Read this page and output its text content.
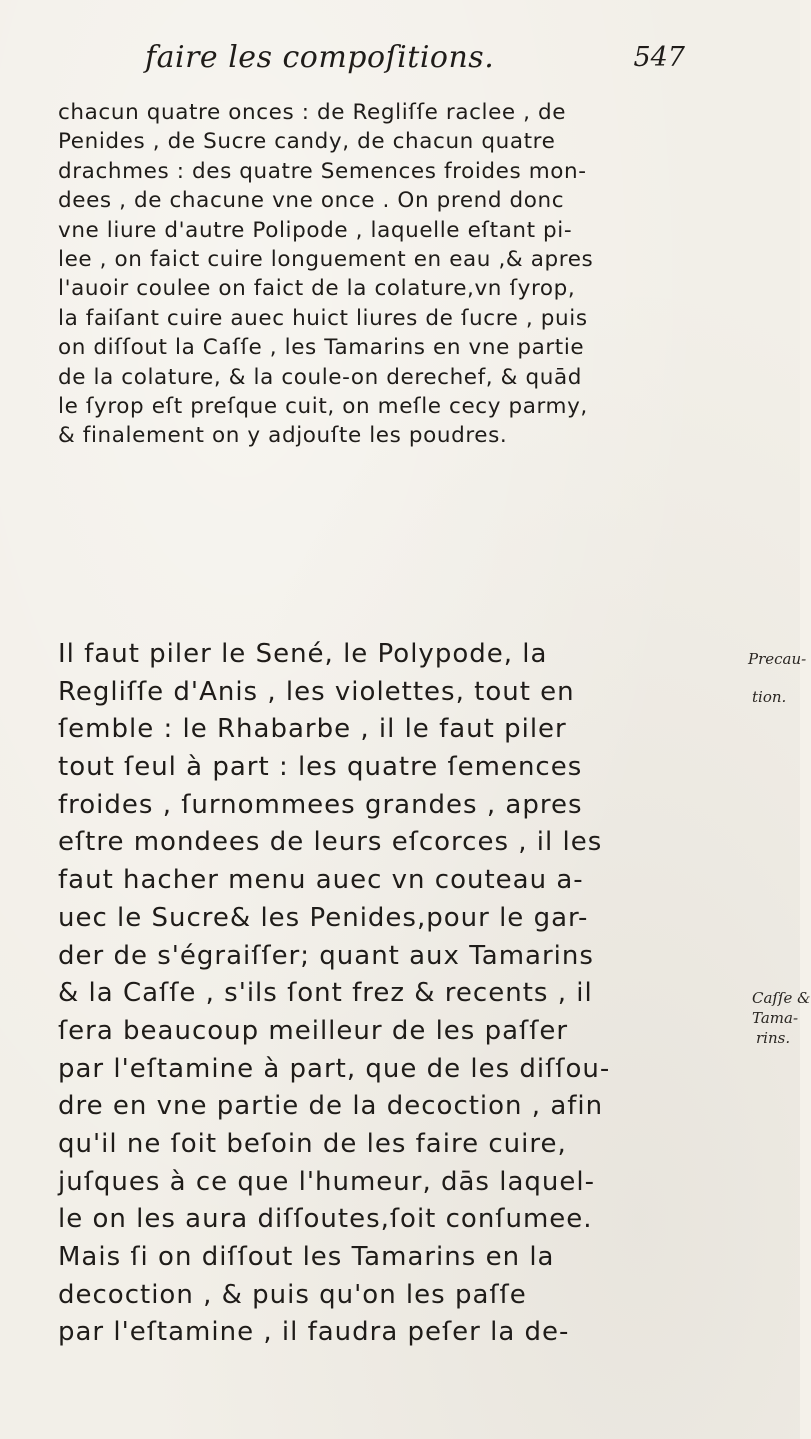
faire les compoſitions.	547
chacun quatre onces : de Regliſſe raclee , de
Penides , de Sucre candy, de chacun quatre
drachmes : des quatre Semences froides mon-
dees , de chacune vne once . On prend donc
vne liure d'autre Polipode , laquelle eſtant pi-
lee , on faict cuire longuement en eau ,& apres
l'auoir coulee on faict de la colature,vn ſyrop,
la faiſant cuire auec huict liures de ſucre , puis
on diſſout la Caſſe , les Tamarins en vne partie
de la colature, & la coule-on derechef, & quād
le ſyrop eſt preſque cuit, on meſle cecy parmy,
& finalement on y adjouſte les poudres.
Il faut piler le Sené, le Polypode, la
Regliſſe d'Anis , les violettes, tout en
ſemble : le Rhabarbe , il le faut piler
tout ſeul à part : les quatre ſemences
froides , ſurnommees grandes , apres
eſtre mondees de leurs eſcorces , il les
faut hacher menu auec vn couteau a-
uec le Sucre& les Penides,pour le gar-
der de s'égraiſſer; quant aux Tamarins
& la Caſſe , s'ils ſont frez & recents , il
ſera beaucoup meilleur de les paſſer
par l'eſtamine à part, que de les diſſou-
dre en vne partie de la decoction , afin
qu'il ne ſoit beſoin de les faire cuire,
juſques à ce que l'humeur, dās laquel-
le on les aura diſſoutes,ſoit conſumee.
Mais ſi on diſſout les Tamarins en la
decoction , & puis qu'on les paſſe
par l'eſtamine , il faudra peſer la de-
Precau-
tion.
Caſſe &
Tama-
rins.
